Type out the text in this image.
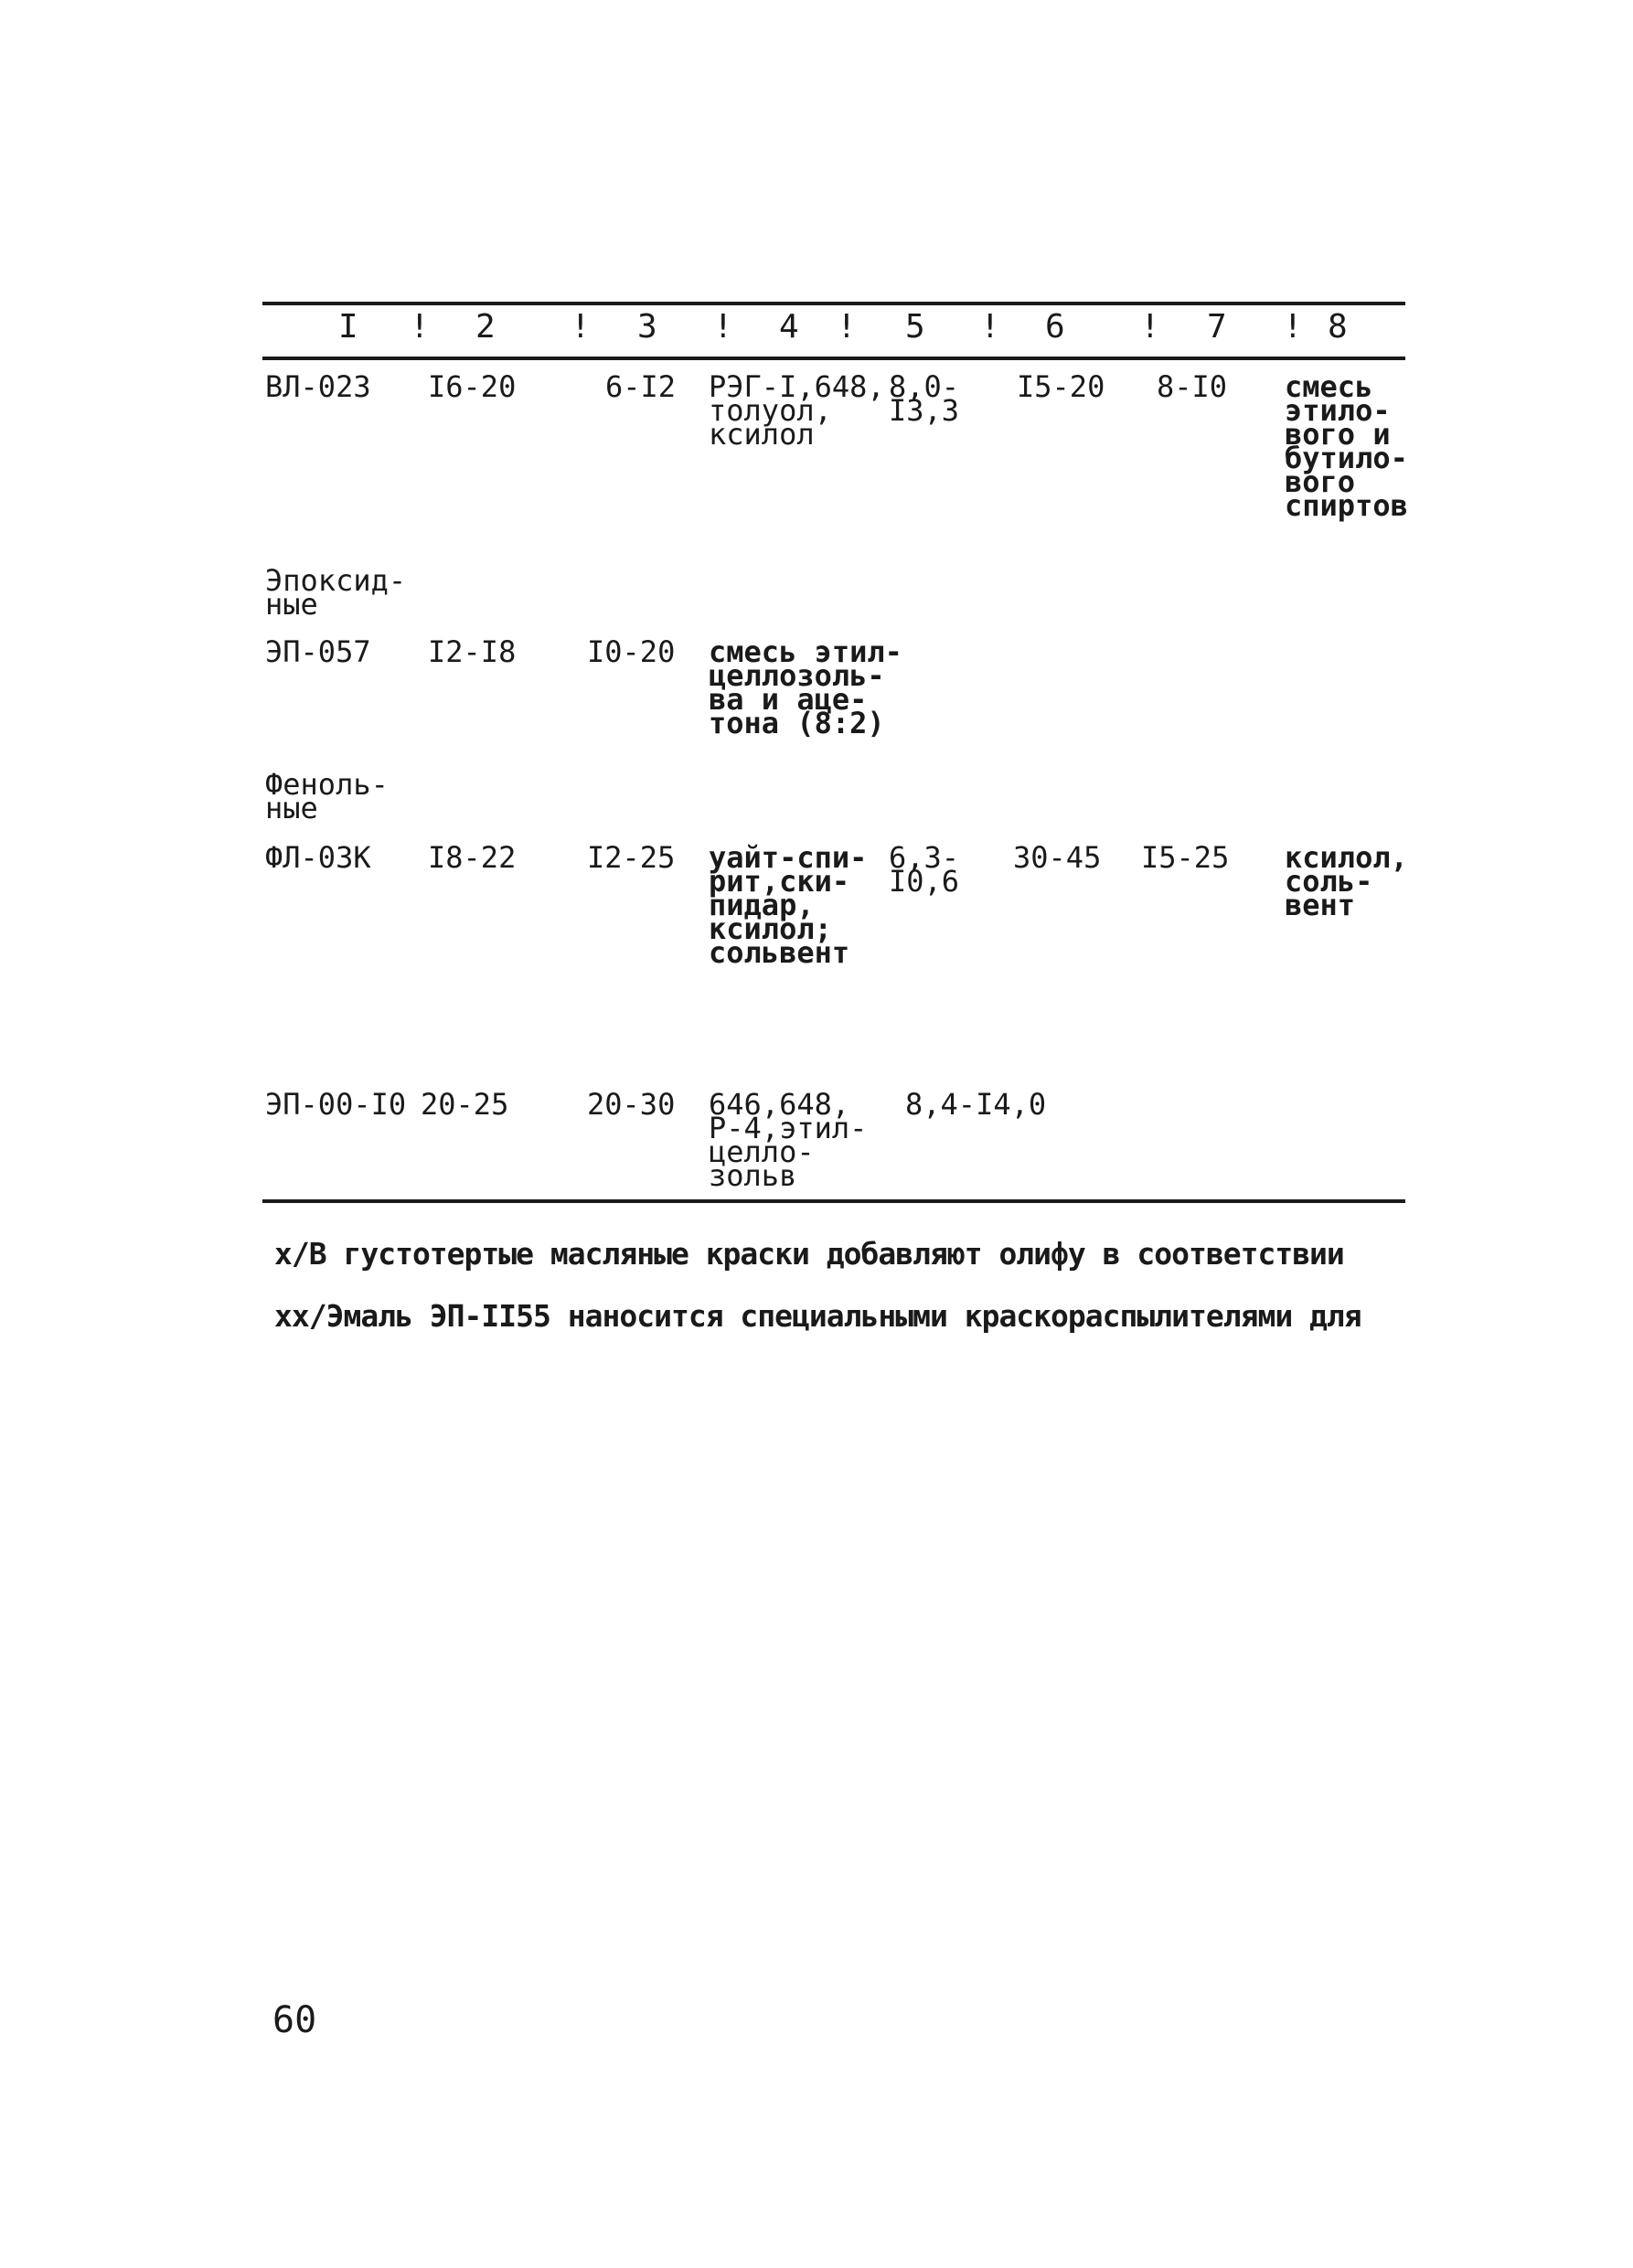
I ! 2 ! 3 ! 4 ! 5 ! 6 ! 7 ! 8
ВЛ-023 I6-20	6-I2 РЭГ-I,648,
толуол,
ксилол
8,0-
I3,3
I5-20 8-I0 смесь
этило-
вого и
бутило-
вого
спиртов
Эпоксид-
ные
ЭП-057 I2-I8 I0-20 смесь этил-
целлозоль-
ва и аце-
тона (8:2)
Феноль-
ные
ФЛ-03К I8-22 I2-25 уайт-спи-
рит,ски-
пидар,
ксилол;
сольвент
6,3-
I0,6
30-45 I5-25 ксилол,
соль-
вент
ЭП-00-I0 20-25	20-30 646,648,
Р-4,этил-
целло-
зольв
8,4-I4,0
х/В густотертые масляные краски добавляют олифу в соответствии
хх/Эмаль ЭП-II55 наносится специальными краскораспылителями для
60
